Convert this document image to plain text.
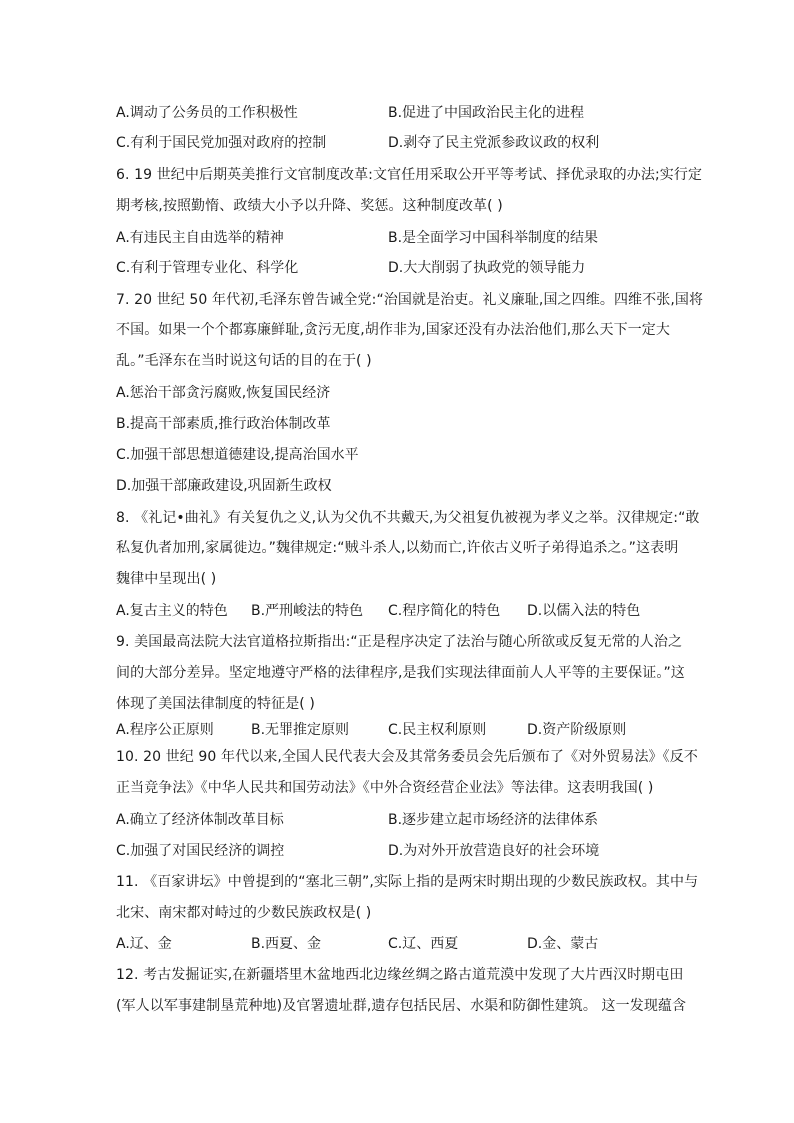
A.调动了公务员的工作积极性	B.促进了中国政治民主化的进程
C.有利于国民党加强对政府的控制	D.剥夺了民主党派参政议政的权利
6. 19 世纪中后期英美推行文官制度改革:文官任用采取公开平等考试、择优录取的办法;实行定
期考核,按照勤惰、政绩大小予以升降、奖惩。这种制度改革( )
A.有违民主自由选举的精神	B.是全面学习中国科举制度的结果
C.有利于管理专业化、科学化	D.大大削弱了执政党的领导能力
7. 20 世纪 50 年代初,毛泽东曾告诫全党:“治国就是治吏。礼义廉耻,国之四维。四维不张,国将
不国。如果一个个都寡廉鲜耻,贪污无度,胡作非为,国家还没有办法治他们,那么天下一定大
乱。”毛泽东在当时说这句话的目的在于( )
A.惩治干部贪污腐败,恢复国民经济
B.提高干部素质,推行政治体制改革
C.加强干部思想道德建设,提高治国水平
D.加强干部廉政建设,巩固新生政权
8. 《礼记•曲礼》有关复仇之义,认为父仇不共戴天,为父祖复仇被视为孝义之举。汉律规定:“敢
私复仇者加刑,家属徙边。”魏律规定:“贼斗杀人,以劾而亡,许依古义听子弟得追杀之。”这表明
魏律中呈现出( )
A.复古主义的特色 B.严刑峻法的特色 C.程序简化的特色 D.以儒入法的特色
9. 美国最高法院大法官道格拉斯指出:“正是程序决定了法治与随心所欲或反复无常的人治之
间的大部分差异。坚定地遵守严格的法律程序,是我们实现法律面前人人平等的主要保证。”这
体现了美国法律制度的特征是( )
A.程序公正原则	B.无罪推定原则	C.民主权利原则	D.资产阶级原则
10. 20 世纪 90 年代以来,全国人民代表大会及其常务委员会先后颁布了《对外贸易法》《反不
正当竞争法》《中华人民共和国劳动法》《中外合资经营企业法》等法律。这表明我国( )
A.确立了经济体制改革目标	B.逐步建立起市场经济的法律体系
C.加强了对国民经济的调控	D.为对外开放营造良好的社会环境
11. 《百家讲坛》中曾提到的“塞北三朝”,实际上指的是两宋时期出现的少数民族政权。其中与
北宋、南宋都对峙过的少数民族政权是( )
A.辽、金	B.西夏、金	C.辽、西夏	D.金、蒙古
12. 考古发掘证实,在新疆塔里木盆地西北边缘丝绸之路古道荒漠中发现了大片西汉时期屯田
(军人以军事建制垦荒种地)及官署遗址群,遗存包括民居、水渠和防御性建筑。 这一发现蕴含
